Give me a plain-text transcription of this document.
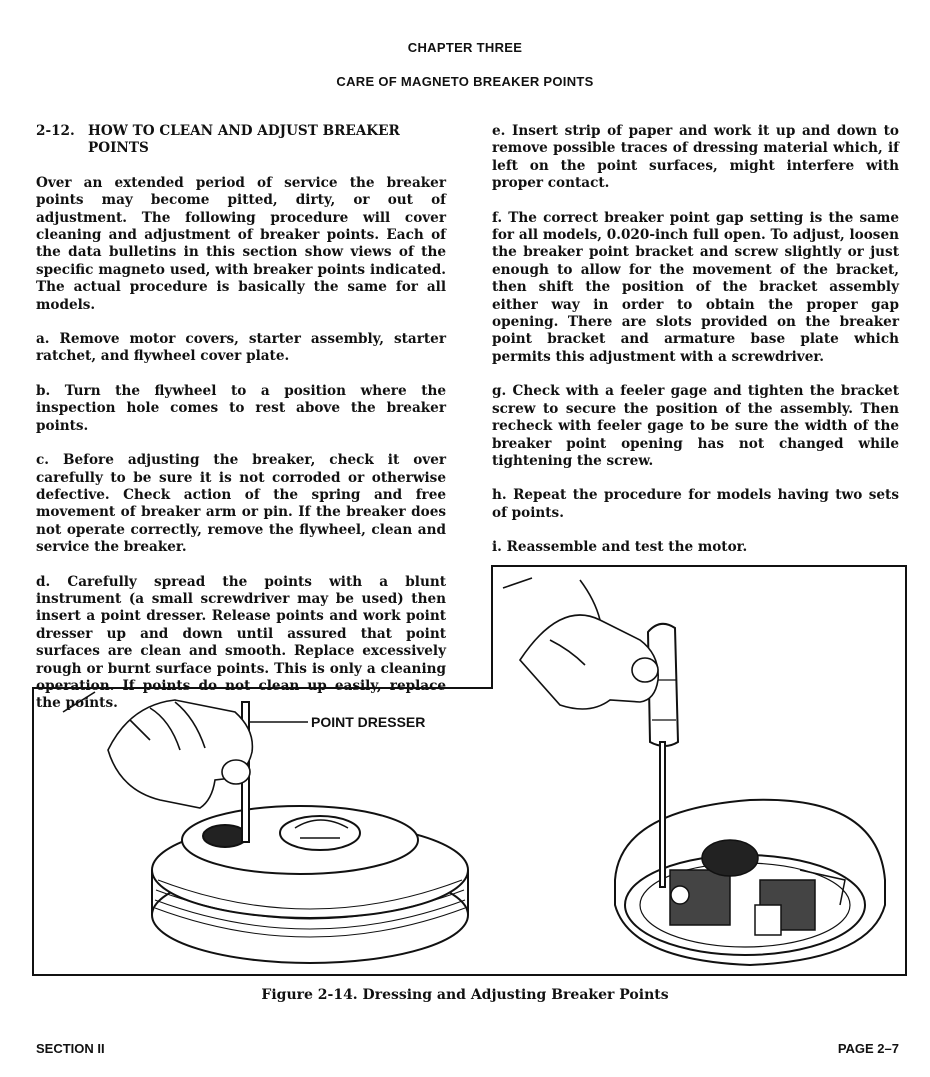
CHAPTER THREE
CARE OF MAGNETO BREAKER POINTS
2-12. HOW TO CLEAN AND ADJUST BREAKER
POINTS

Over an extended period of service the breaker points may become pitted, dirty, or out of adjustment. The following procedure will cover cleaning and adjustment of breaker points. Each of the data bulletins in this section show views of the specific magneto used, with breaker points indicated. The actual procedure is basically the same for all models.

a. Remove motor covers, starter assembly, starter ratchet, and flywheel cover plate.

b. Turn the flywheel to a position where the inspection hole comes to rest above the breaker points.

c. Before adjusting the breaker, check it over carefully to be sure it is not corroded or otherwise defective. Check action of the spring and free movement of breaker arm or pin. If the breaker does not operate correctly, remove the flywheel, clean and service the breaker.

d. Carefully spread the points with a blunt instrument (a small screwdriver may be used) then insert a point dresser. Release points and work point dresser up and down until assured that point surfaces are clean and smooth. Replace excessively rough or burnt surface points. This is only a cleaning operation. If points do not clean up easily, replace the points.

e. Insert strip of paper and work it up and down to remove possible traces of dressing material which, if left on the point surfaces, might interfere with proper contact.

f. The correct breaker point gap setting is the same for all models, 0.020-inch full open. To adjust, loosen the breaker point bracket and screw slightly or just enough to allow for the movement of the bracket, then shift the position of the bracket assembly either way in order to obtain the proper gap opening. There are slots provided on the breaker point bracket and armature base plate which permits this adjustment with a screwdriver.

g. Check with a feeler gage and tighten the bracket screw to secure the position of the assembly. Then recheck with feeler gage to be sure the width of the breaker point opening has not changed while tightening the screw.

h. Repeat the procedure for models having two sets of points.

i. Reassemble and test the motor.

POINT DRESSER
Figure 2-14. Dressing and Adjusting Breaker Points
SECTION II	PAGE 2–7
